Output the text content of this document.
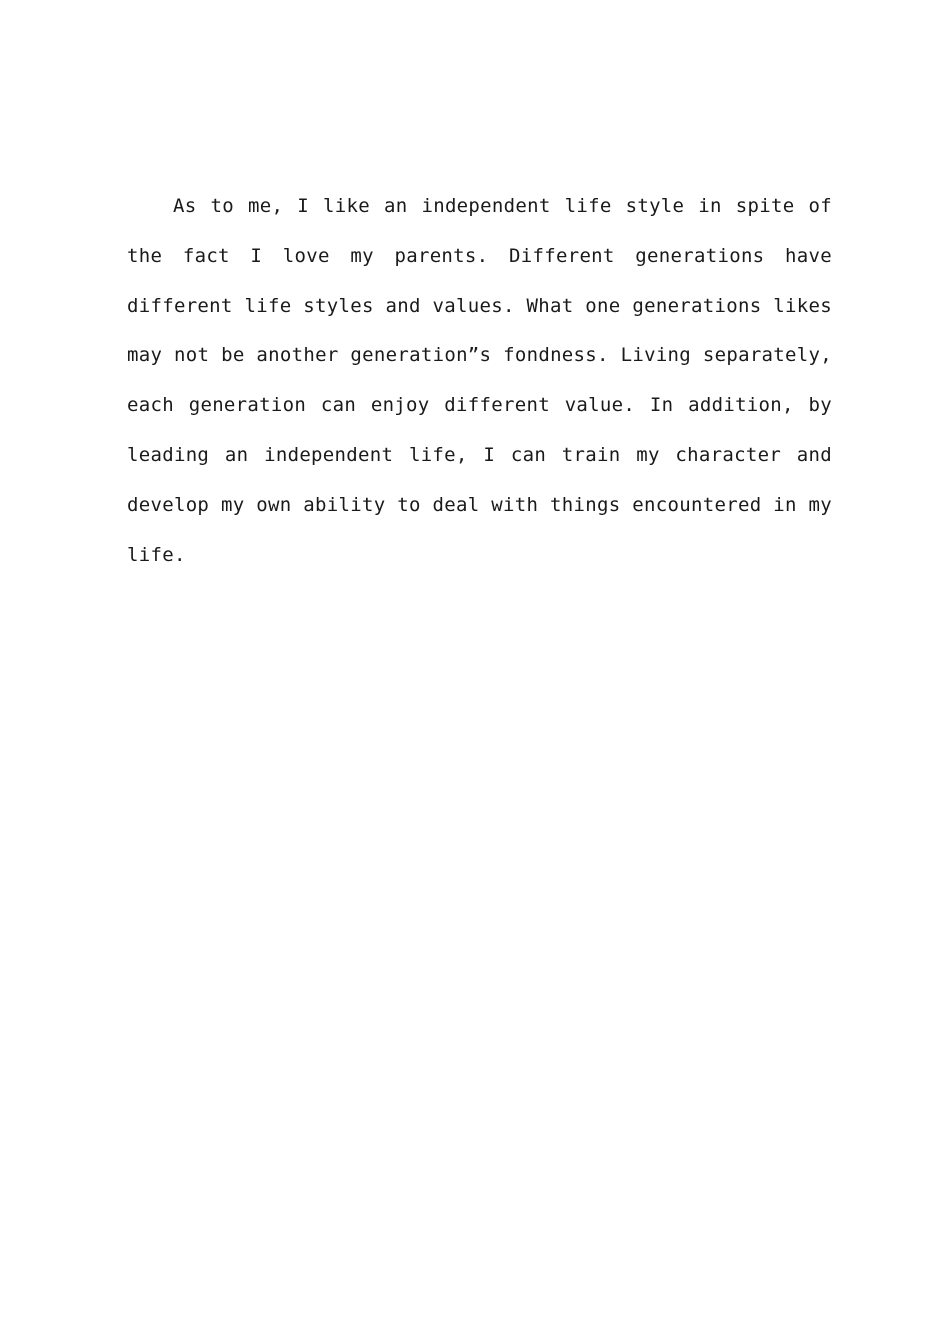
As to me, I like an independent life style in spite of the fact I love my parents. Different generations have different life styles and values. What one generations likes may not be another generation”s fondness. Living separately, each generation can enjoy different value. In addition, by leading an independent life, I can train my character and develop my own ability to deal with things encountered in my life.
